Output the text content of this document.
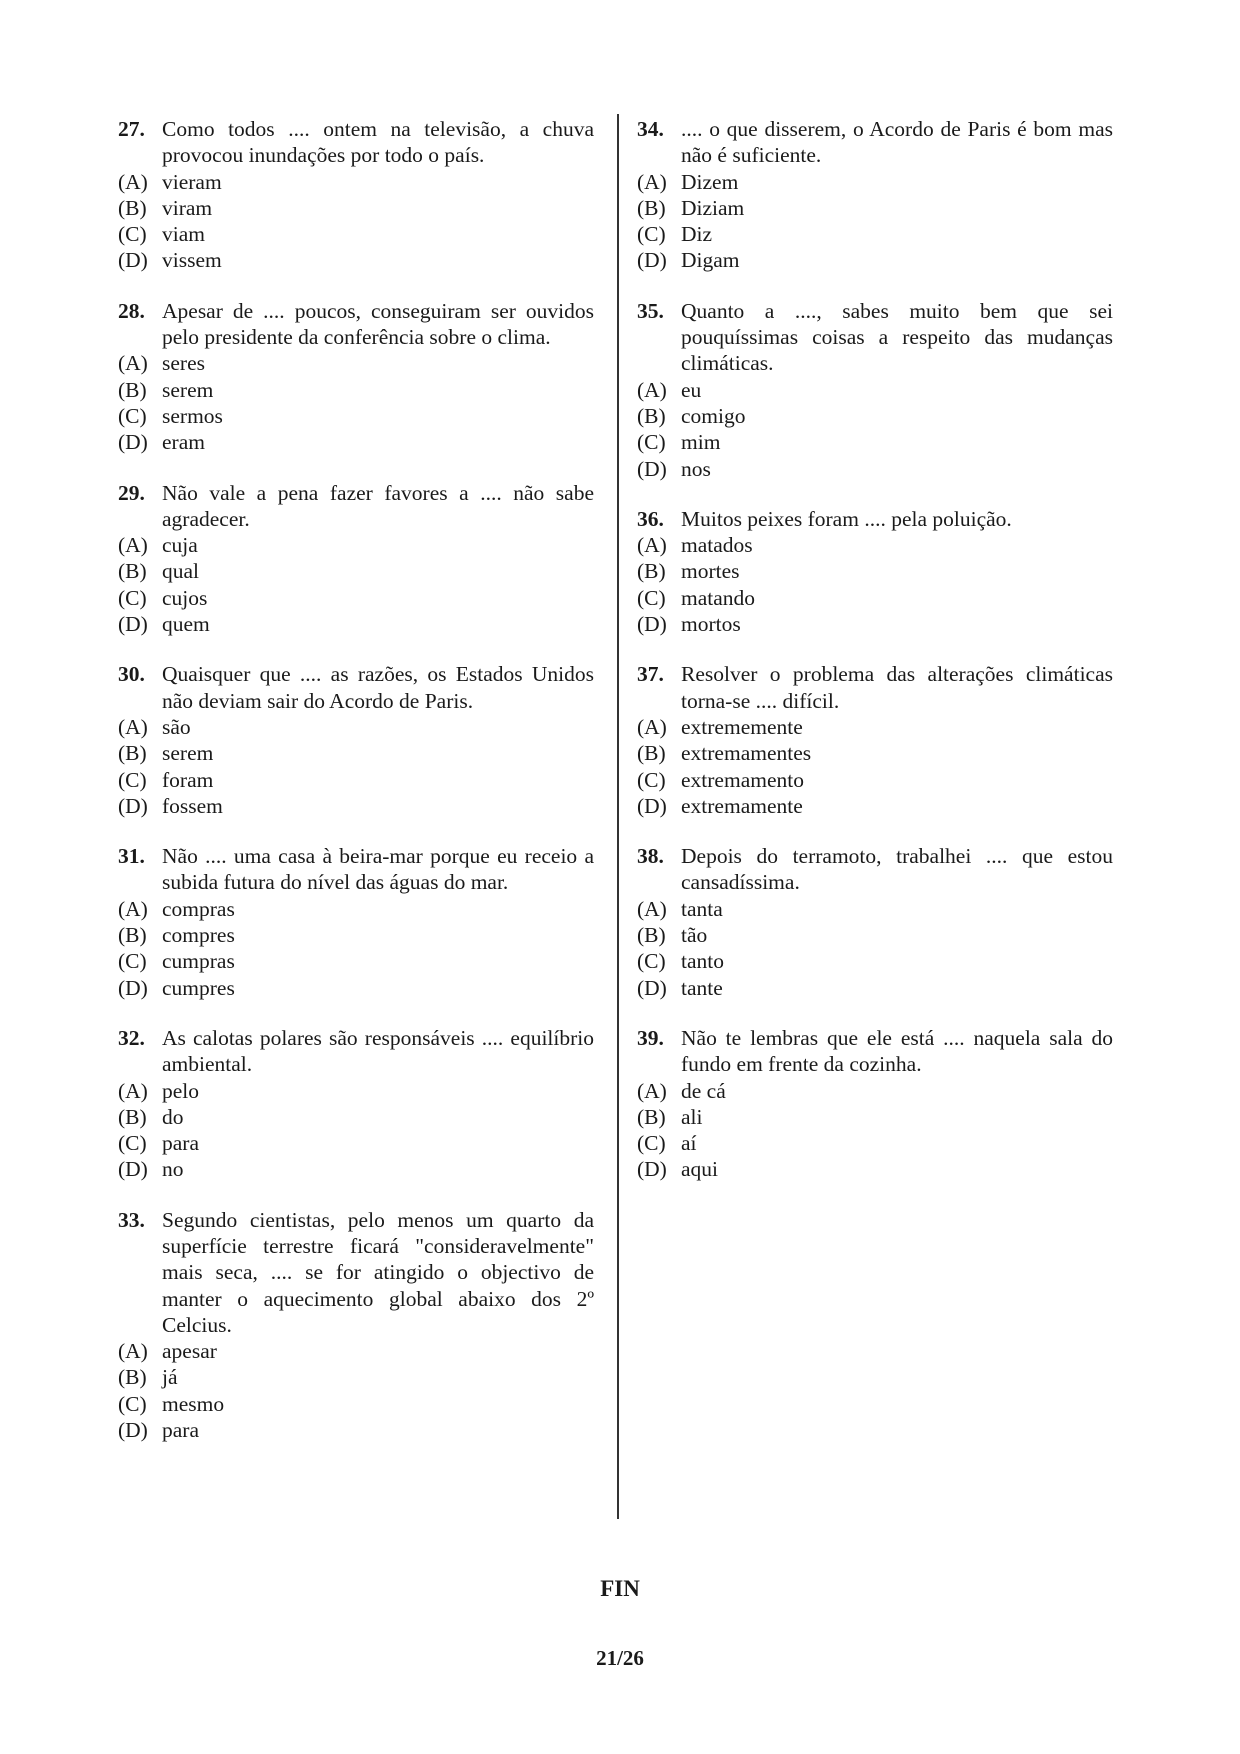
27. Como todos .... ontem na televisão, a chuva provocou inundações por todo o país.
(A) vieram
(B) viram
(C) viam
(D) vissem
28. Apesar de .... poucos, conseguiram ser ouvidos pelo presidente da conferência sobre o clima.
(A) seres
(B) serem
(C) sermos
(D) eram
29. Não vale a pena fazer favores a .... não sabe agradecer.
(A) cuja
(B) qual
(C) cujos
(D) quem
30. Quaisquer que .... as razões, os Estados Unidos não deviam sair do Acordo de Paris.
(A) são
(B) serem
(C) foram
(D) fossem
31. Não .... uma casa à beira-mar porque eu receio a subida futura do nível das águas do mar.
(A) compras
(B) compres
(C) cumpras
(D) cumpres
32. As calotas polares são responsáveis .... equilíbrio ambiental.
(A) pelo
(B) do
(C) para
(D) no
33. Segundo cientistas, pelo menos um quarto da superfície terrestre ficará "consideravelmente" mais seca, .... se for atingido o objectivo de manter o aquecimento global abaixo dos 2º Celcius.
(A) apesar
(B) já
(C) mesmo
(D) para
34. .... o que disserem, o Acordo de Paris é bom mas não é suficiente.
(A) Dizem
(B) Diziam
(C) Diz
(D) Digam
35. Quanto a ...., sabes muito bem que sei pouquíssimas coisas a respeito das mudanças climáticas.
(A) eu
(B) comigo
(C) mim
(D) nos
36. Muitos peixes foram .... pela poluição.
(A) matados
(B) mortes
(C) matando
(D) mortos
37. Resolver o problema das alterações climáticas torna-se .... difícil.
(A) extrememente
(B) extremamentes
(C) extremamento
(D) extremamente
38. Depois do terramoto, trabalhei .... que estou cansadíssima.
(A) tanta
(B) tão
(C) tanto
(D) tante
39. Não te lembras que ele está .... naquela sala do fundo em frente da cozinha.
(A) de cá
(B) ali
(C) aí
(D) aqui
FIN
21/26
